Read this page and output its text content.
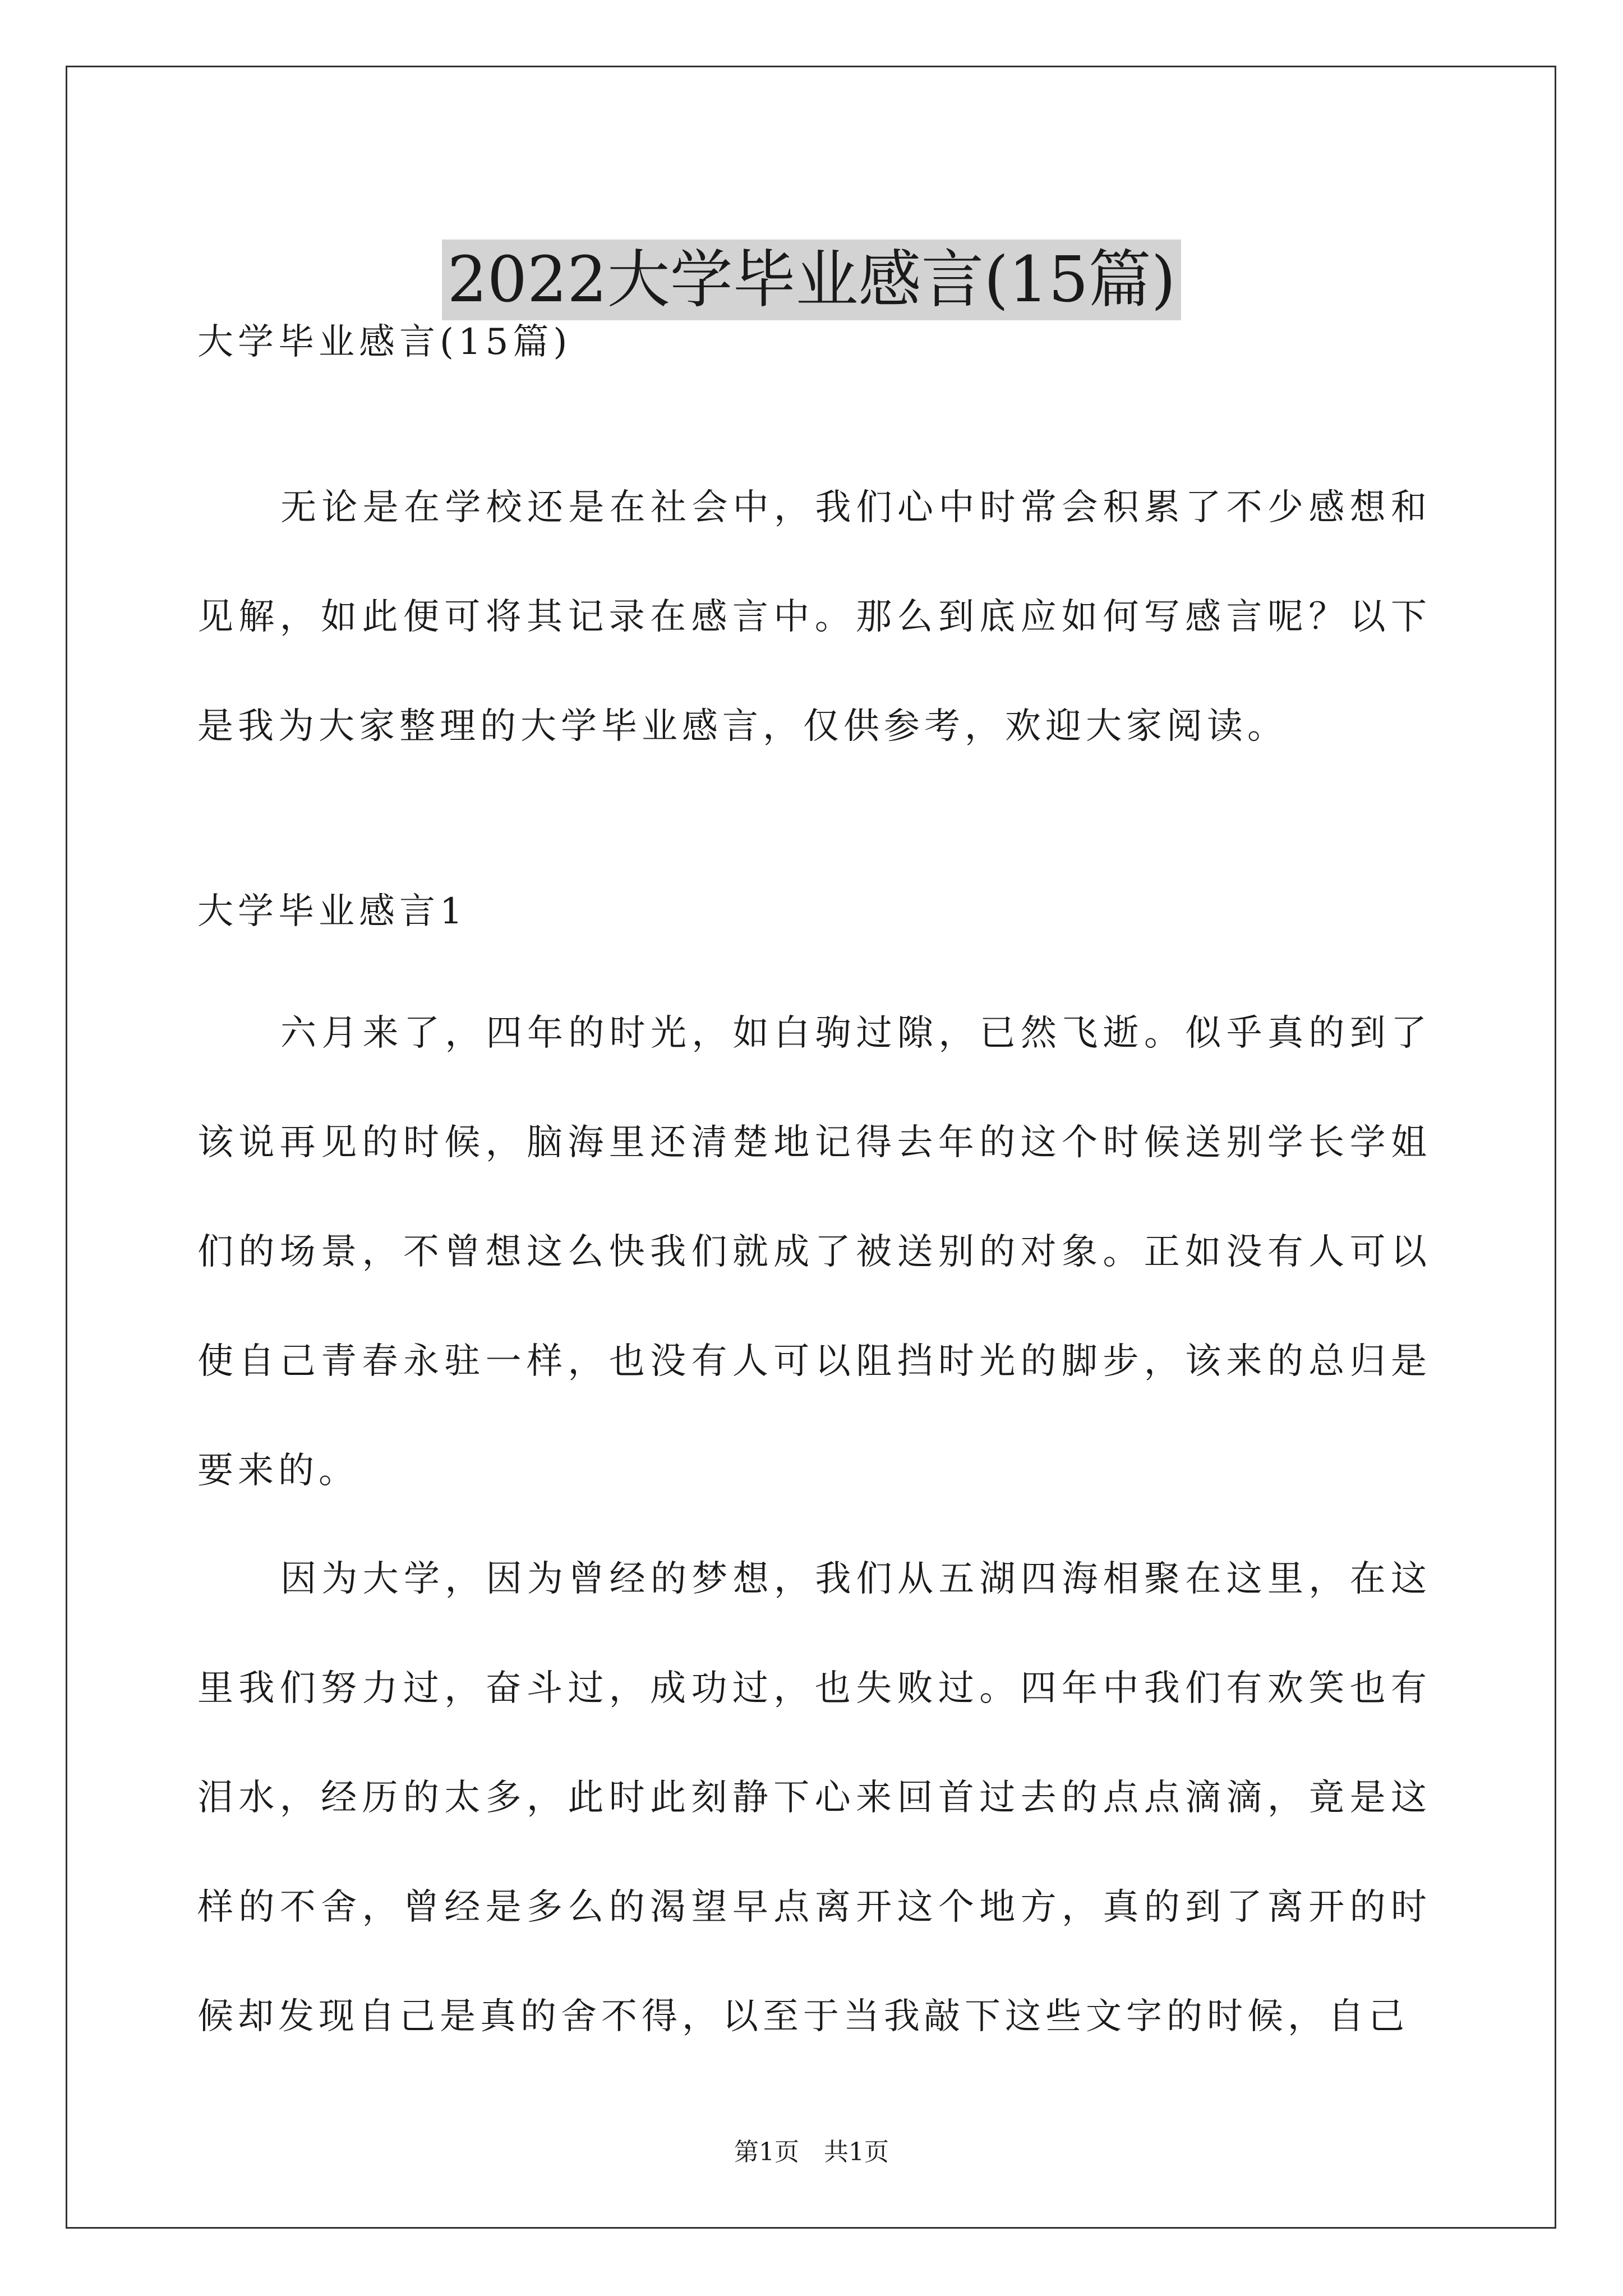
2022大学毕业感言(15篇)
大学毕业感言(15篇)

无论是在学校还是在社会中，我们心中时常会积累了不少感想和见解，如此便可将其记录在感言中。那么到底应如何写感言呢？以下是我为大家整理的大学毕业感言，仅供参考，欢迎大家阅读。

大学毕业感言1

六月来了，四年的时光，如白驹过隙，已然飞逝。似乎真的到了该说再见的时候，脑海里还清楚地记得去年的这个时候送别学长学姐们的场景，不曾想这么快我们就成了被送别的对象。正如没有人可以使自己青春永驻一样，也没有人可以阻挡时光的脚步，该来的总归是要来的。

因为大学，因为曾经的梦想，我们从五湖四海相聚在这里，在这里我们努力过，奋斗过，成功过，也失败过。四年中我们有欢笑也有泪水，经历的太多，此时此刻静下心来回首过去的点点滴滴，竟是这样的不舍，曾经是多么的渴望早点离开这个地方，真的到了离开的时候却发现自己是真的舍不得，以至于当我敲下这些文字的时候，自己

第1页 共1页
